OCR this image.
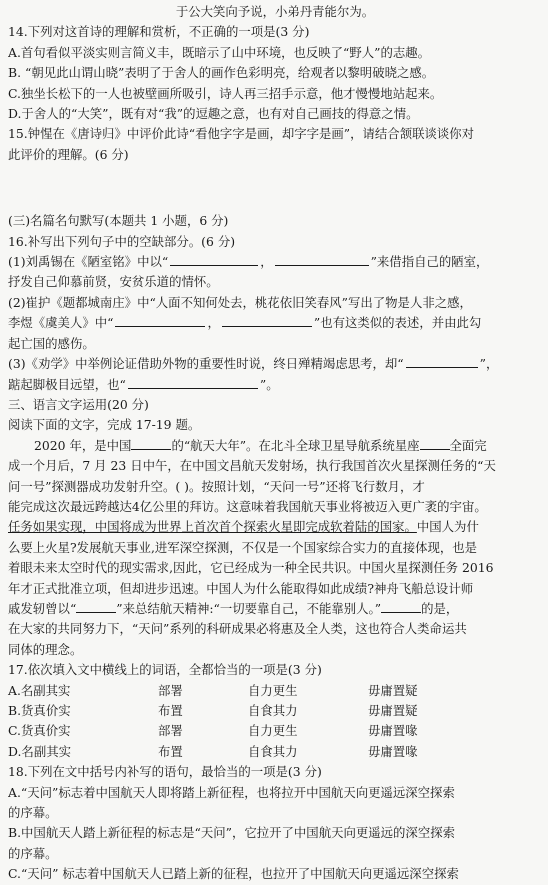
于公大笑向予说，小弟丹青能尔为。
14.下列对这首诗的理解和赏析，不正确的一项是(3 分)
A.首句看似平淡实则言简义丰，既暗示了山中环境，也反映了“野人”的志趣。
B. “朝见此山谓山晓”表明了于舍人的画作色彩明亮，给观者以黎明破晓之感。
C.独坐长松下的一人也被壁画所吸引，诗人再三招手示意，他才慢慢地站起来。
D.于舍人的“大笑”，既有对“我”的逗趣之意，也有对自己画技的得意之情。
15.钟惺在《唐诗归》中评价此诗“看他字字是画，却字字是画”，请结合颔联谈谈你对
此评价的理解。(6 分)
(三)名篇名句默写(本题共 1 小题，6 分)
16.补写出下列句子中的空缺部分。(6 分)
(1)刘禹锡在《陋室铭》中以“	，	”来借指自己的陋室，
抒发自己仰慕前贤，安贫乐道的情怀。
(2)崔护《题都城南庄》中“人面不知何处去，桃花依旧笑春风”写出了物是人非之感，
李煜《虞美人》中“	，	”也有这类似的表述，并由此勾
起亡国的感伤。
(3)《劝学》中举例论证借助外物的重要性时说，终日殚精竭虑思考，却“	”，
踮起脚极目远望，也“	”。
三、语言文字运用(20 分)
阅读下面的文字，完成 17-19 题。
2020 年，是中国	的“航天大年”。在北斗全球卫星导航系统星座 全面完
成一个月后，7 月 23 日中午，在中国文昌航天发射场，执行我国首次火星探测任务的“天
问一号”探测器成功发射升空。( )。按照计划，“天问一号”还将飞行数月，才
能完成这次最远跨越达4亿公里的拜访。这意味着我国航天事业将被迈入更广袤的宇宙。
任务如果实现，中国将成为世界上首次首个探索火星即完成软着陆的国家。 中国人为什
么要上火星?发展航天事业,进军深空探测，不仅是一个国家综合实力的直接体现，也是
着眼未来太空时代的现实需求,因此，它已经成为一种全民共识。中国火星探测任务 2016
年才正式批准立项，但却进步迅速。中国人为什么能取得如此成绩?神舟飞船总设计师
戚发轫曾以“	”来总结航天精神:“一切要靠自己，不能靠别人。”	的是，
在大家的共同努力下，“天问”系列的科研成果必将惠及全人类，这也符合人类命运共
同体的理念。
17.依次填入文中横线上的词语，全都恰当的一项是(3 分)
A.名副其实	部署	自力更生	毋庸置疑
B.货真价实	布置	自食其力	毋庸置疑
C.货真价实	部署	自力更生	毋庸置喙
D.名副其实	布置	自食其力	毋庸置喙
18.下列在文中括号内补写的语句，最恰当的一项是(3 分)
A.“天问”标志着中国航天人即将踏上新征程，也将拉开中国航天向更遥远深空探索
的序幕。
B.中国航天人踏上新征程的标志是“天问”，它拉开了中国航天向更遥远的深空探索
的序幕。
C.“天问” 标志着中国航天人已踏上新的征程，也拉开了中国航天向更遥远深空探索
